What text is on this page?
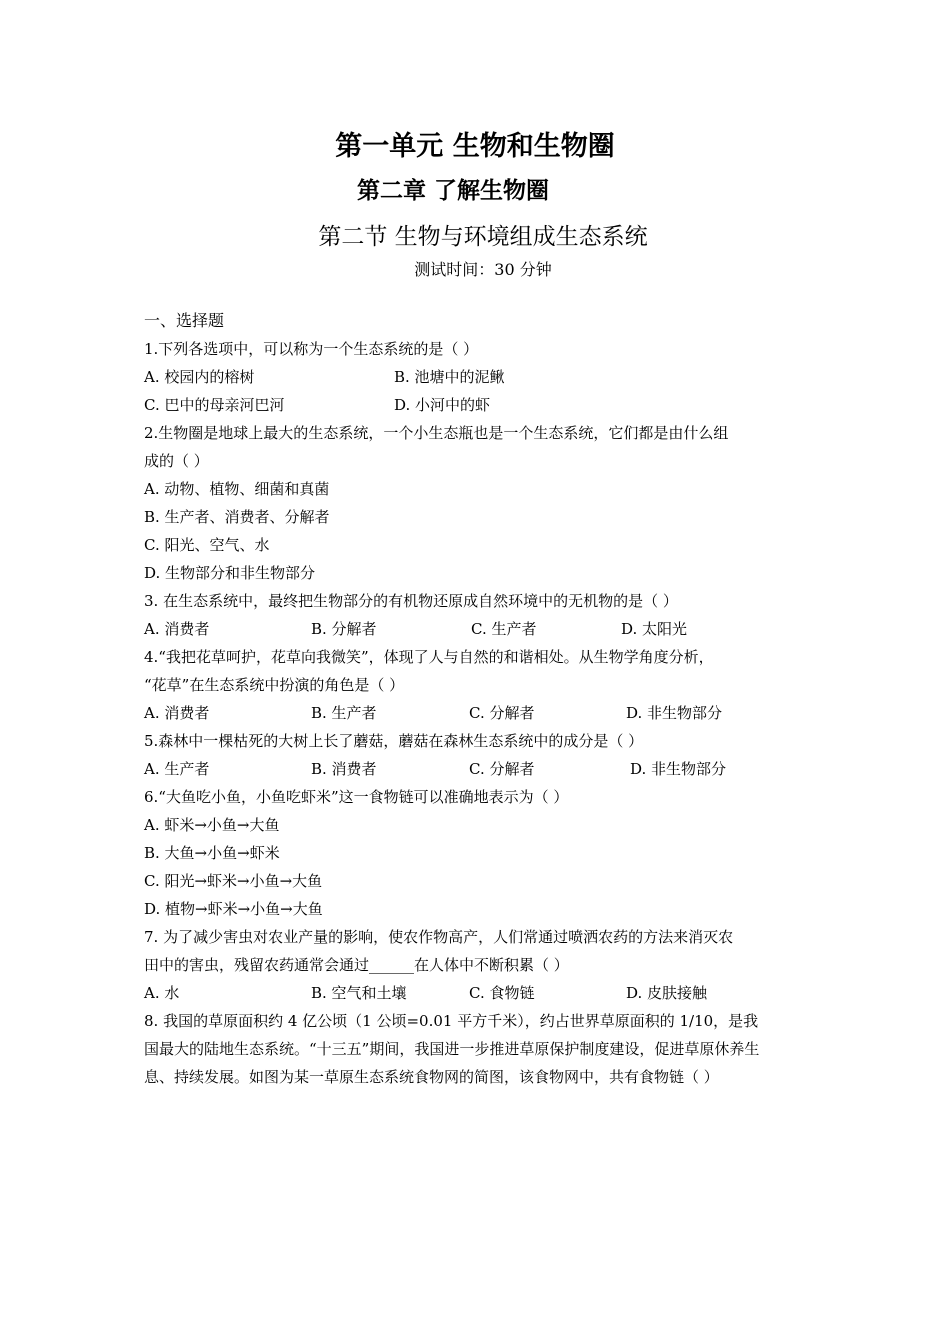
第一单元 生物和生物圈
第二章 了解生物圈
第二节 生物与环境组成生态系统
测试时间：30 分钟
一、选择题
1.下列各选项中，可以称为一个生态系统的是（ ）
A. 校园内的榕树	B. 池塘中的泥鳅
C. 巴中的母亲河巴河	D. 小河中的虾
2.生物圈是地球上最大的生态系统，一个小生态瓶也是一个生态系统，它们都是由什么组
成的（ ）
A. 动物、植物、细菌和真菌
B. 生产者、消费者、分解者
C. 阳光、空气、水
D. 生物部分和非生物部分
3. 在生态系统中，最终把生物部分的有机物还原成自然环境中的无机物的是（ ）
A. 消费者	B. 分解者	C. 生产者	D. 太阳光
4.“我把花草呵护，花草向我微笑”，体现了人与自然的和谐相处。从生物学角度分析，
“花草”在生态系统中扮演的角色是（ ）
A. 消费者	B. 生产者	C. 分解者	D. 非生物部分
5.森林中一棵枯死的大树上长了蘑菇，蘑菇在森林生态系统中的成分是（ ）
A. 生产者	B. 消费者	C. 分解者	D. 非生物部分
6.“大鱼吃小鱼，小鱼吃虾米”这一食物链可以准确地表示为（ ）
A. 虾米→小鱼→大鱼
B. 大鱼→小鱼→虾米
C. 阳光→虾米→小鱼→大鱼
D. 植物→虾米→小鱼→大鱼
7. 为了减少害虫对农业产量的影响，使农作物高产，人们常通过喷洒农药的方法来消灭农
田中的害虫，残留农药通常会通过______在人体中不断积累（ ）
A. 水	B. 空气和土壤	C. 食物链	D. 皮肤接触
8. 我国的草原面积约 4 亿公顷（1 公顷=0.01 平方千米），约占世界草原面积的 1/10，是我
国最大的陆地生态系统。“十三五”期间，我国进一步推进草原保护制度建设，促进草原休养生
息、持续发展。如图为某一草原生态系统食物网的简图，该食物网中，共有食物链（ ）
